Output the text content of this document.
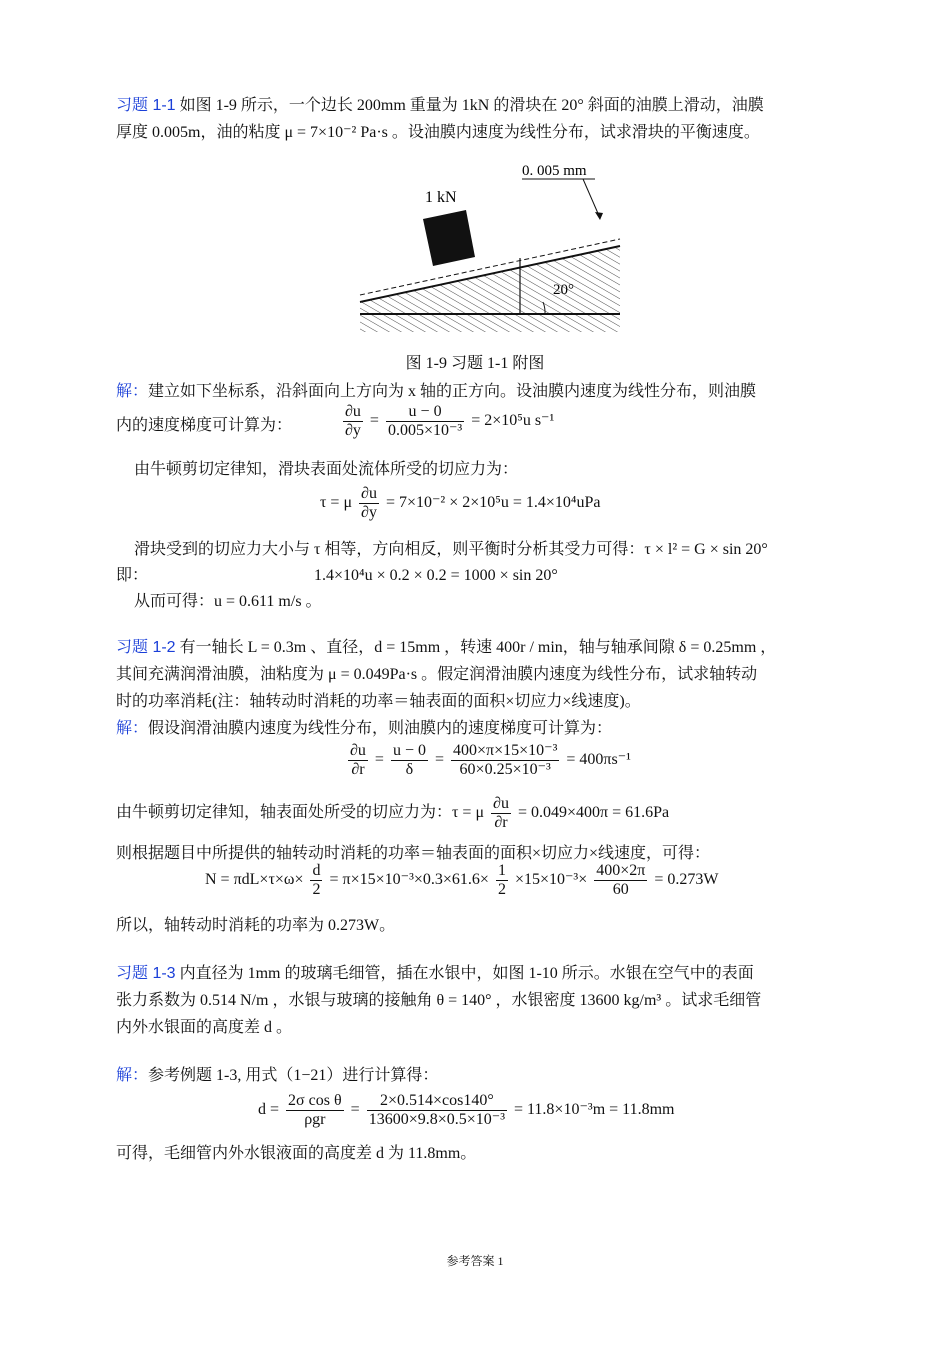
习题 1-1 如图 1-9 所示，一个边长 200mm 重量为 1kN 的滑块在 20° 斜面的油膜上滑动，油膜
厚度 0.005m，油的粘度 μ = 7×10⁻² Pa·s 。设油膜内速度为线性分布，试求滑块的平衡速度。
1 kN
0. 005 mm
20°
图 1-9 习题 1-1 附图
解：建立如下坐标系，沿斜面向上方向为 x 轴的正方向。设油膜内速度为线性分布，则油膜
内的速度梯度可计算为：	$\frac{\partial u}{\partial y} = \frac{u - 0}{\text{0.005×10⁻³}} = 2\times 10^5u$ s⁻¹
由牛顿剪切定律知，滑块表面处流体所受的切应力为：
τ = μ $\frac{\partial u}{\partial y} = 7\times 10^{-2} \times 2\times 10^5u = 1.4\times 10^4uPa$
滑块受到的切应力大小与 τ 相等，方向相反，则平衡时分析其受力可得：τ × l² = G × sin 20°
即：	1.4×10⁴u × 0.2 × 0.2 = 1000 × sin 20°
从而可得：u = 0.611 m/s 。
习题 1-2 有一轴长 L = 0.3m 、直径，d = 15mm ，转速 400r / min，轴与轴承间隙 δ = 0.25mm ，
其间充满润滑油膜，油粘度为 μ = 0.049Pa·s 。假定润滑油膜内速度为线性分布，试求轴转动
时的功率消耗(注：轴转动时消耗的功率＝轴表面的面积×切应力×线速度)。
解：假设润滑油膜内速度为线性分布，则油膜内的速度梯度可计算为：
$\frac{\partial u}{\partial r} = \frac{u - 0}{\delta} = \frac{\text{400×π×15×10⁻³}}{\text{60×0.25×10⁻³}} = 400\pi s^{-1}$
由牛顿剪切定律知，轴表面处所受的切应力为：τ = μ $\frac{\partial u}{\partial r} = 0.049\times 400\pi = 61.6Pa$
则根据题目中所提供的轴转动时消耗的功率＝轴表面的面积×切应力×线速度，可得：
$N = \pi dL\times\tau\times\omega\times \frac{d}{2} = \pi\times 15\times 10^{-3}\times 0.3\times 61.6\times \frac{1}{2} \times 15\times 10^{-3}\times \frac{400\times 2\pi}{60} = 0.273W$
所以，轴转动时消耗的功率为 0.273W。
习题 1-3 内直径为 1mm 的玻璃毛细管，插在水银中，如图 1-10 所示。水银在空气中的表面
张力系数为 0.514 N/m ，水银与玻璃的接触角 θ = 140° ，水银密度 13600 kg/m³ 。试求毛细管
内外水银面的高度差 d 。
解：参考例题 1-3, 用式（1−21）进行计算得：
$d = \frac{\text{2σ cos θ}}{\text{ρgr}} = \frac{2\times 0.514\times\cos 140^\circ}{\text{13600×9.8×0.5×10⁻³}} = 11.8\times 10^{-3}m = 11.8mm$
可得，毛细管内外水银液面的高度差 d 为 11.8mm。
参考答案 1
